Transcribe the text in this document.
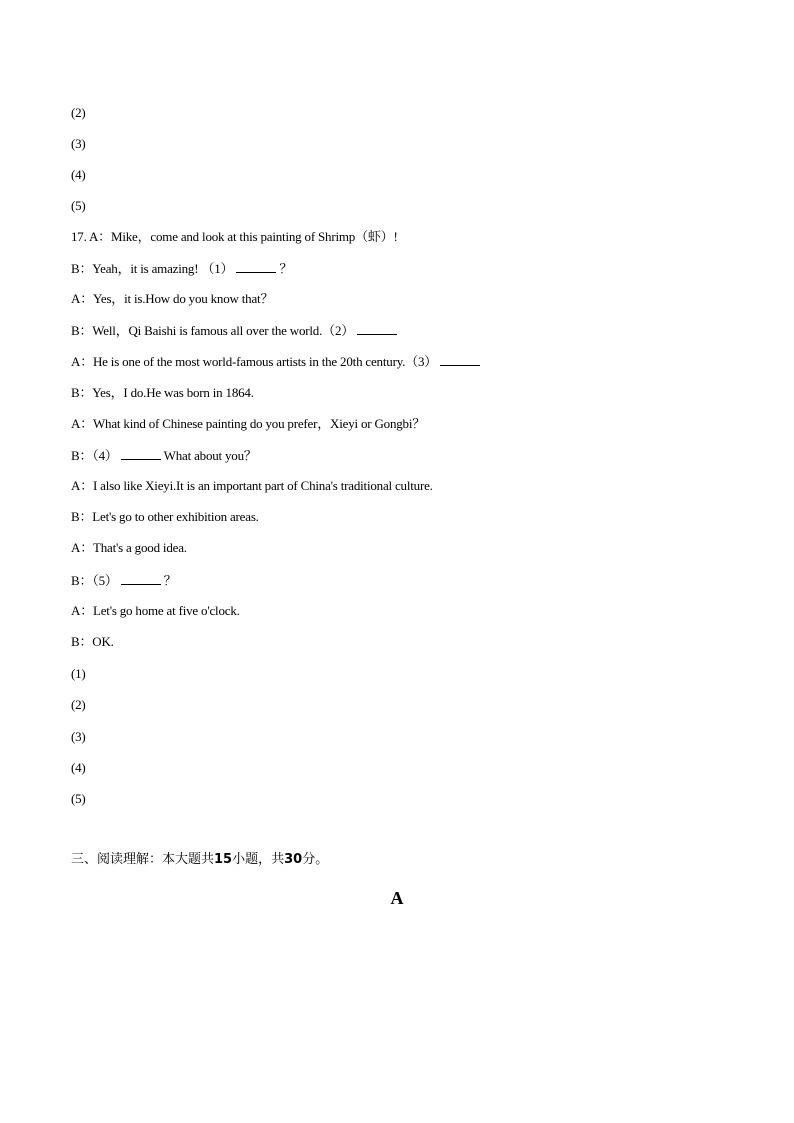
(2)
(3)
(4)
(5)
17. A：Mike，come and look at this painting of Shrimp（虾）!
B：Yeah，it is amazing! （1）	？
A：Yes，it is.How do you know that？
B：Well，Qi Baishi is famous all over the world.（2）
A：He is one of the most world-famous artists in the 20th century.（3）
B：Yes，I do.He was born in 1864.
A：What kind of Chinese painting do you prefer，Xieyi or Gongbi？
B：（4）	What about you？
A：I also like Xieyi.It is an important part of China's traditional culture.
B：Let's go to other exhibition areas.
A：That's a good idea.
B：（5）	？
A：Let's go home at five o'clock.
B：OK.
(1)
(2)
(3)
(4)
(5)
三、阅读理解：本大题共15小题，共30分。
A
